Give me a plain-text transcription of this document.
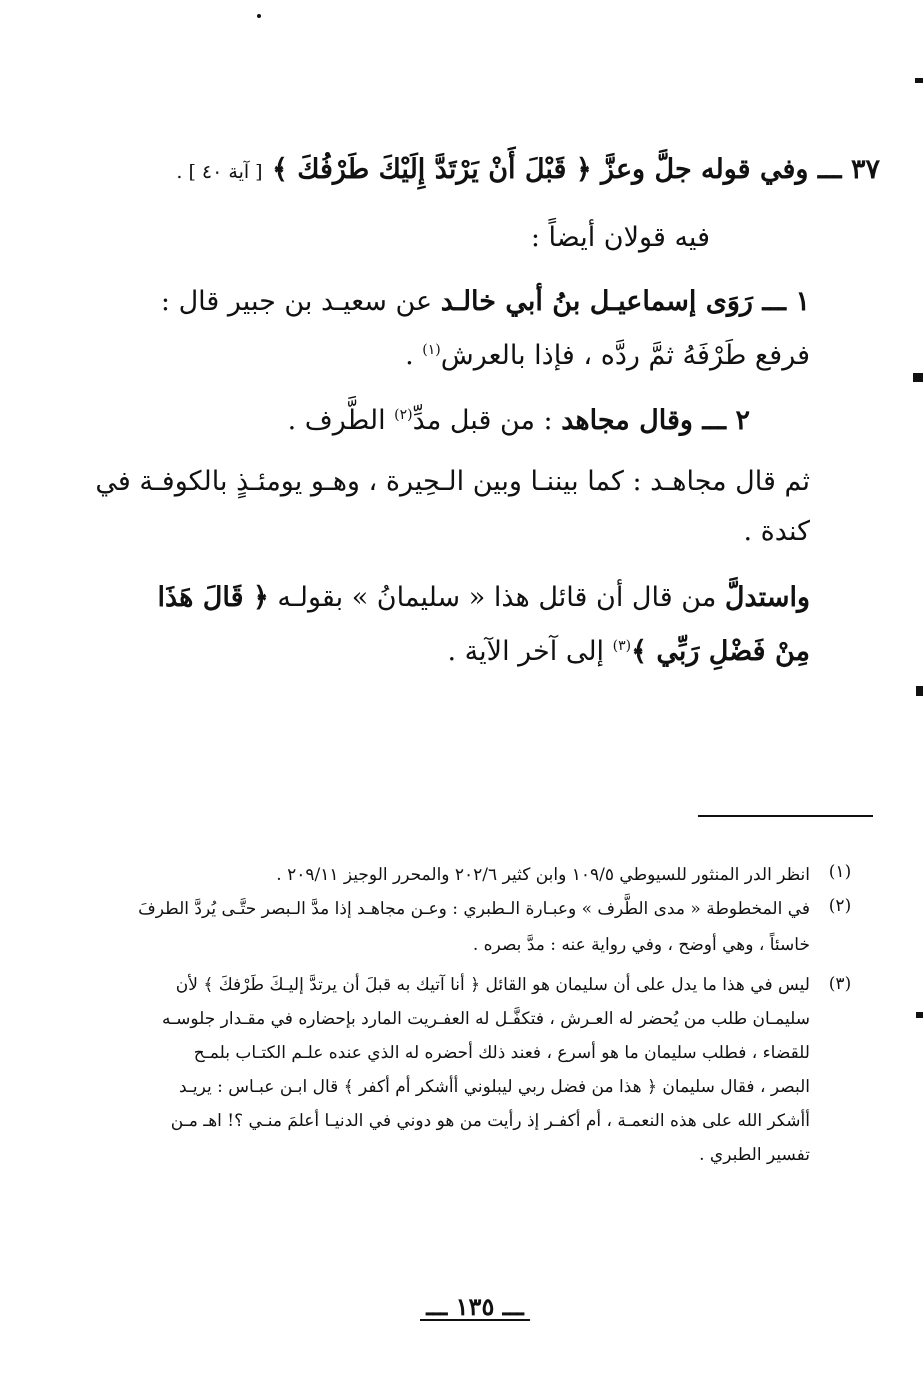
٣٧ ـــ وفي قوله جلَّ وعزَّ ﴿ قَبْلَ أَنْ يَرْتَدَّ إِلَيْكَ طَرْفُكَ ﴾ [ آية ٤٠ ] .
فيه قولان أيضاً :
١ ـــ رَوَى إسماعيـل بنُ أبي خالـد عن سعيـد بن جبير قال :
فرفع طَرْفَهُ ثمَّ ردَّه ، فإذا بالعرش$^{(١)}$ .
٢ ـــ وقال مجاهد : من قبل مدِّ$^{(٢)}$ الطَّرف .
ثم قال مجاهـد : كما بيننـا وبين الـحِيرة ، وهـو يومئـذٍ بالكوفـة في
كندة .
واستدلَّ من قال أن قائل هذا « سليمانُ » بقولـه ﴿ قَالَ هَذَا
مِنْ فَضْلِ رَبِّي ﴾$^{(٣)}$ إلى آخر الآية .
(١)
انظر الدر المنثور للسيوطي ١٠٩/٥ وابن كثير ٢٠٢/٦ والمحرر الوجيز ٢٠٩/١١ .
(٢)
في المخطوطة « مدى الطَّرف » وعبـارة الـطبري : وعـن مجاهـد إذا مدَّ الـبصر حتَّـى يُردَّ الطرفَ
خاسئاً ، وهي أوضح ، وفي رواية عنه : مدَّ بصره .
(٣)
ليس في هذا ما يدل على أن سليمان هو القائل ﴿ أنا آتيك به قبلَ أن يرتدَّ إليـكَ طَرْفكَ ﴾ لأن
سليمـان طلب من يُحضر له العـرش ، فتكفَّـل له العفـريت المارد بإحضاره في مقـدار جلوسـه
للقضاء ، فطلب سليمان ما هو أسرع ، فعند ذلك أحضره له الذي عنده علـم الكتـاب بلمـح
البصر ، فقال سليمان ﴿ هذا من فضل ربي ليبلوني أأشكر أم أكفر ﴾ قال ابـن عبـاس : يريـد
أأشكر الله على هذه النعمـة ، أم أكفـر إذ رأيت من هو دوني في الدنيـا أعلمَ منـي ؟! اهـ مـن
تفسير الطبري .
ـــ ١٣٥ ـــ
